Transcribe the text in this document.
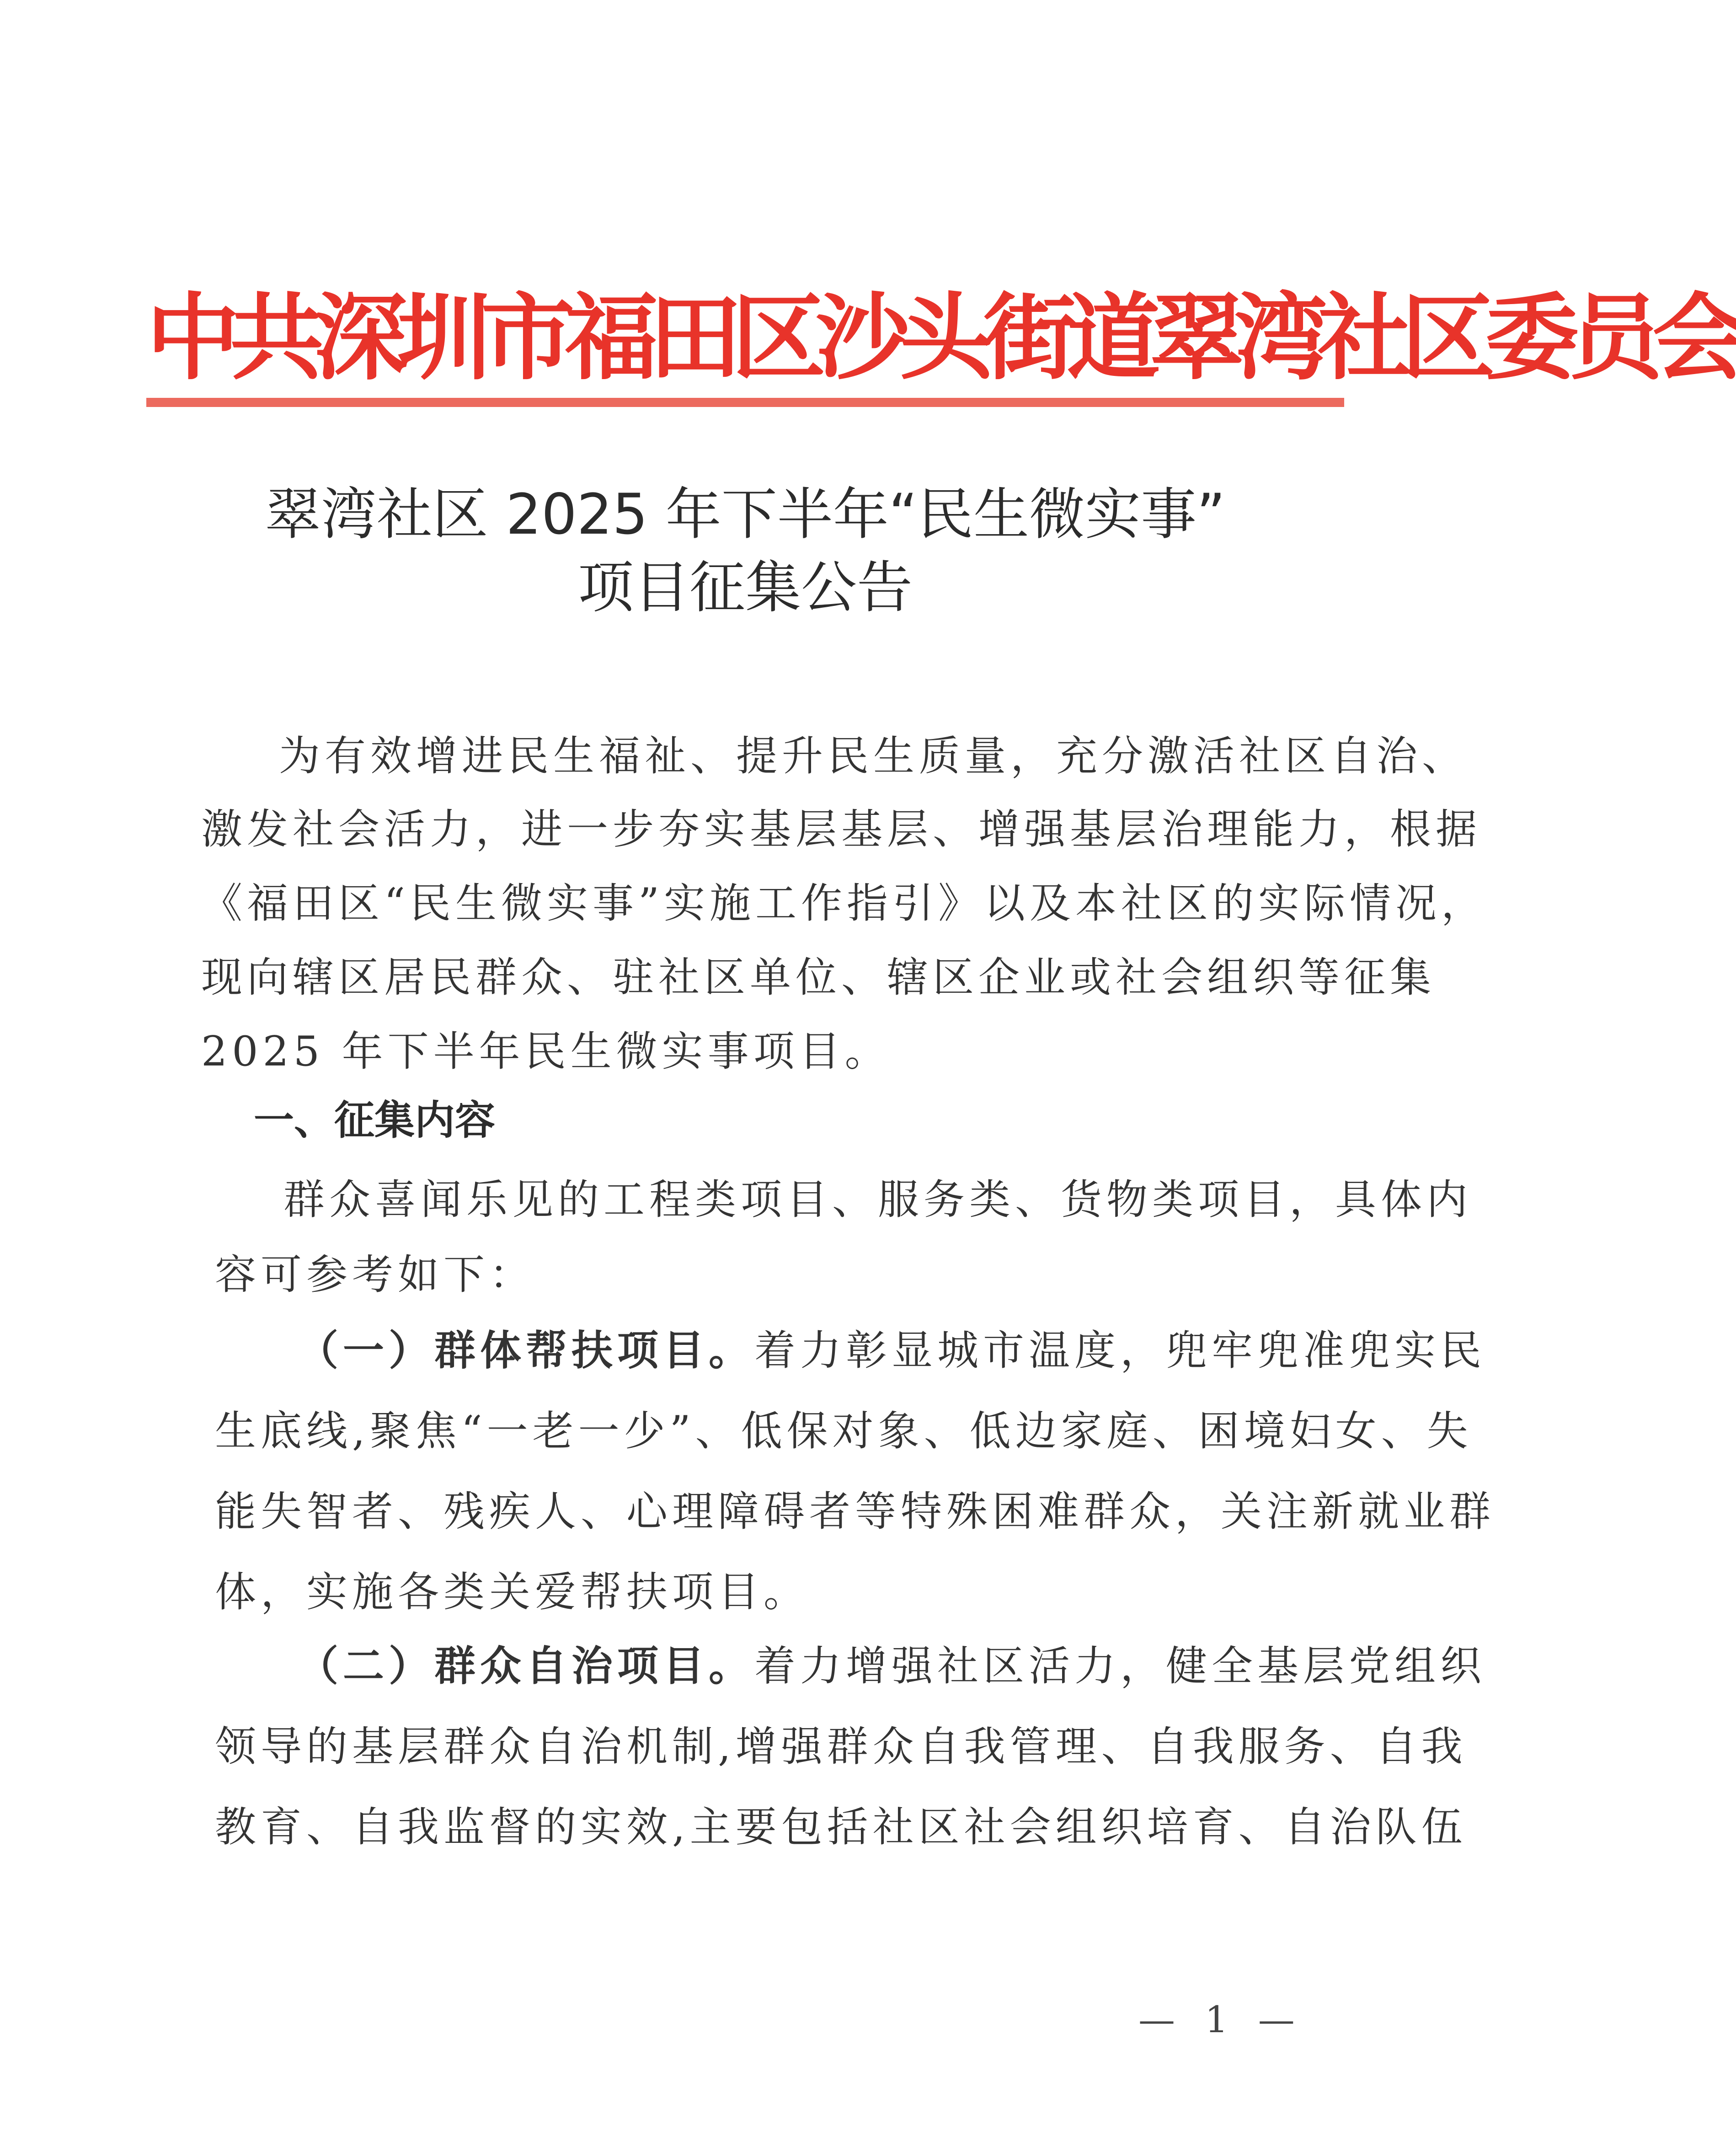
中共深圳市福田区沙头街道翠湾社区委员会
翠湾社区 2025 年下半年“民生微实事”
项目征集公告
为有效增进民生福祉、提升民生质量，充分激活社区自治、
激发社会活力，进一步夯实基层基层、增强基层治理能力，根据
《福田区“民生微实事”实施工作指引》以及本社区的实际情况，
现向辖区居民群众、驻社区单位、辖区企业或社会组织等征集
2025 年下半年民生微实事项目。
一、征集内容
群众喜闻乐见的工程类项目、服务类、货物类项目，具体内
容可参考如下：
（一）群体帮扶项目。着力彰显城市温度，兜牢兜准兜实民
生底线,聚焦“一老一少”、低保对象、低边家庭、困境妇女、失
能失智者、残疾人、心理障碍者等特殊困难群众，关注新就业群
体，实施各类关爱帮扶项目。
（二）群众自治项目。着力增强社区活力，健全基层党组织
领导的基层群众自治机制,增强群众自我管理、自我服务、自我
教育、自我监督的实效,主要包括社区社会组织培育、自治队伍
— 1 —
